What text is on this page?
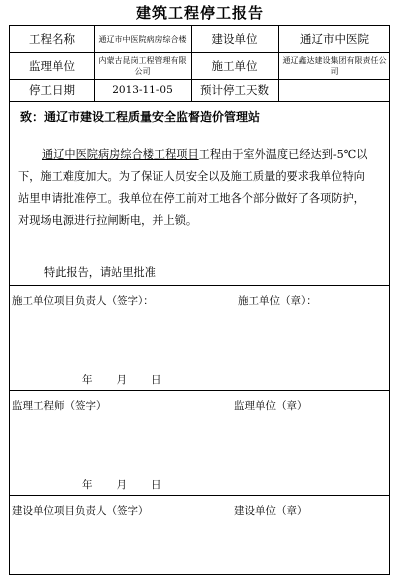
建筑工程停工报告
工程名称	通辽市中医院病房综合楼	建设单位	通辽市中医院
监理单位	内蒙古昆岗工程管理有限公司	施工单位	通辽鑫达建设集团有限责任公司
停工日期	2013-11-05	预计停工天数
致：通辽市建设工程质量安全监督造价管理站
通辽中医院病房综合楼工程项目工程由于室外温度已经达到-5℃以下，施工难度加大。为了保证人员安全以及施工质量的要求我单位特向站里申请批准停工。我单位在停工前对工地各个部分做好了各项防护，对现场电源进行拉闸断电，并上锁。
特此报告，请站里批准
施工单位项目负责人（签字）：	施工单位（章）：
年 月 日
监理工程师（签字）	监理单位（章）
年 月 日
建设单位项目负责人（签字）	建设单位（章）
